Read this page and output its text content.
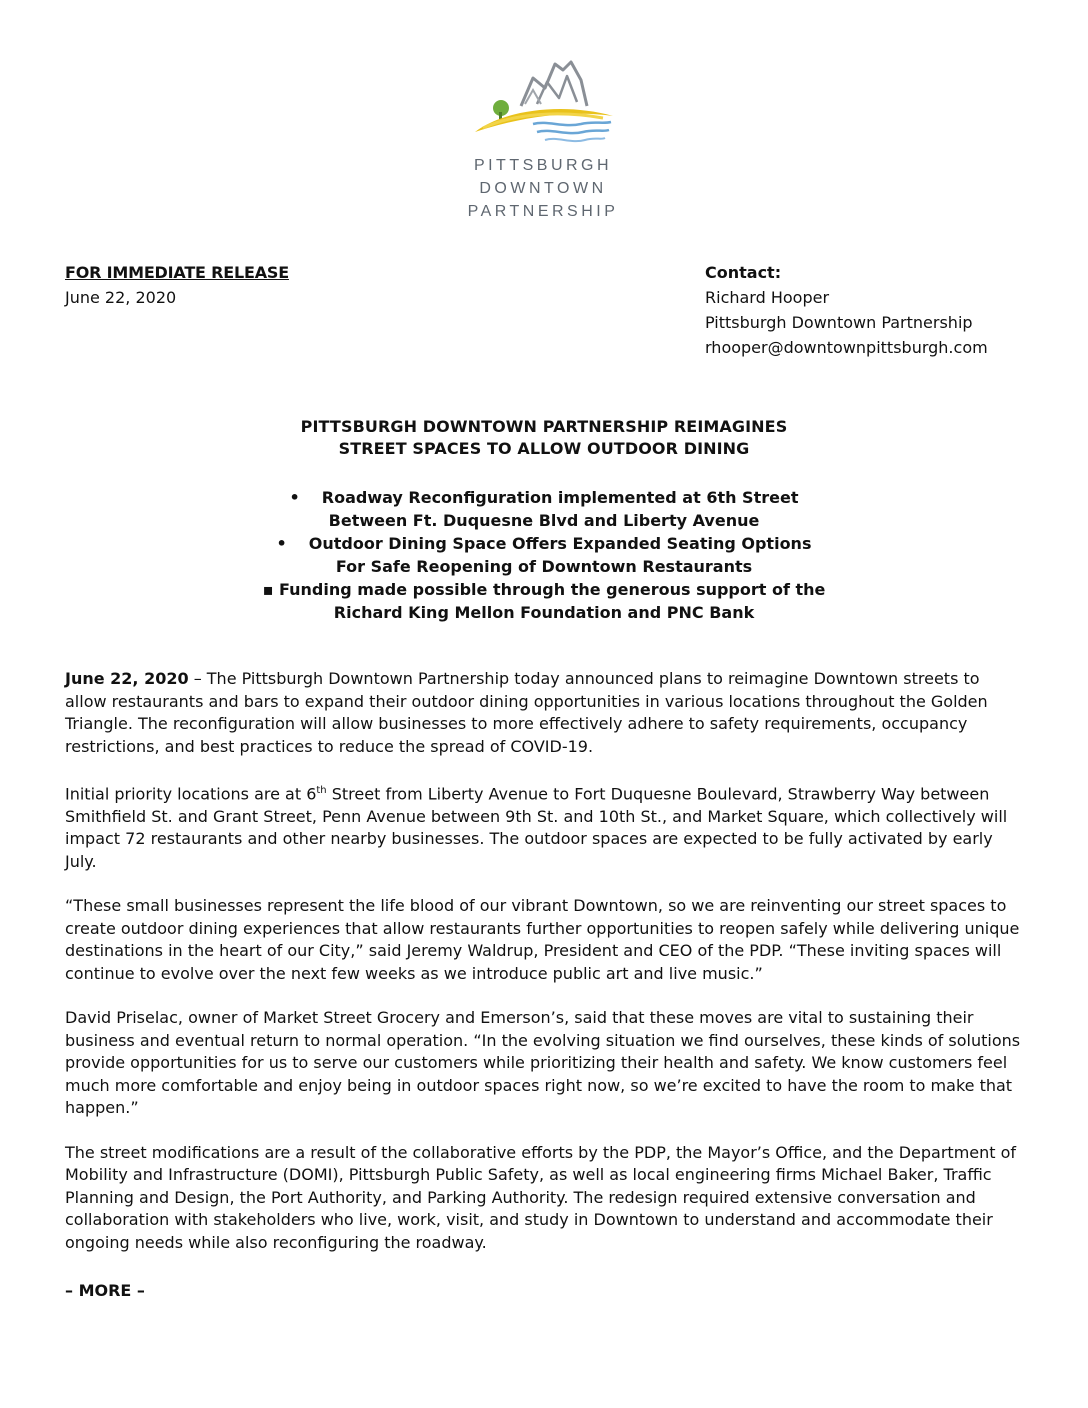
PITTSBURGH
DOWNTOWN
PARTNERSHIP
FOR IMMEDIATE RELEASE
June 22, 2020
Contact:
Richard Hooper
Pittsburgh Downtown Partnership
rhooper@downtownpittsburgh.com
PITTSBURGH DOWNTOWN PARTNERSHIP REIMAGINES
STREET SPACES TO ALLOW OUTDOOR DINING
• Roadway Reconfiguration implemented at 6th Street
Between Ft. Duquesne Blvd and Liberty Avenue
• Outdoor Dining Space Offers Expanded Seating Options
For Safe Reopening of Downtown Restaurants
▪ Funding made possible through the generous support of the
Richard King Mellon Foundation and PNC Bank

June 22, 2020 – The Pittsburgh Downtown Partnership today announced plans to reimagine Downtown streets to allow restaurants and bars to expand their outdoor dining opportunities in various locations throughout the Golden Triangle. The reconfiguration will allow businesses to more effectively adhere to safety requirements, occupancy restrictions, and best practices to reduce the spread of COVID-19.

Initial priority locations are at 6th Street from Liberty Avenue to Fort Duquesne Boulevard, Strawberry Way between Smithfield St. and Grant Street, Penn Avenue between 9th St. and 10th St., and Market Square, which collectively will impact 72 restaurants and other nearby businesses. The outdoor spaces are expected to be fully activated by early July.

“These small businesses represent the life blood of our vibrant Downtown, so we are reinventing our street spaces to create outdoor dining experiences that allow restaurants further opportunities to reopen safely while delivering unique destinations in the heart of our City,” said Jeremy Waldrup, President and CEO of the PDP. “These inviting spaces will continue to evolve over the next few weeks as we introduce public art and live music.”

David Priselac, owner of Market Street Grocery and Emerson’s, said that these moves are vital to sustaining their business and eventual return to normal operation. “In the evolving situation we find ourselves, these kinds of solutions provide opportunities for us to serve our customers while prioritizing their health and safety. We know customers feel much more comfortable and enjoy being in outdoor spaces right now, so we’re excited to have the room to make that happen.”

The street modifications are a result of the collaborative efforts by the PDP, the Mayor’s Office, and the Department of Mobility and Infrastructure (DOMI), Pittsburgh Public Safety, as well as local engineering firms Michael Baker, Traffic Planning and Design, the Port Authority, and Parking Authority. The redesign required extensive conversation and collaboration with stakeholders who live, work, visit, and study in Downtown to understand and accommodate their ongoing needs while also reconfiguring the roadway.

– MORE –
